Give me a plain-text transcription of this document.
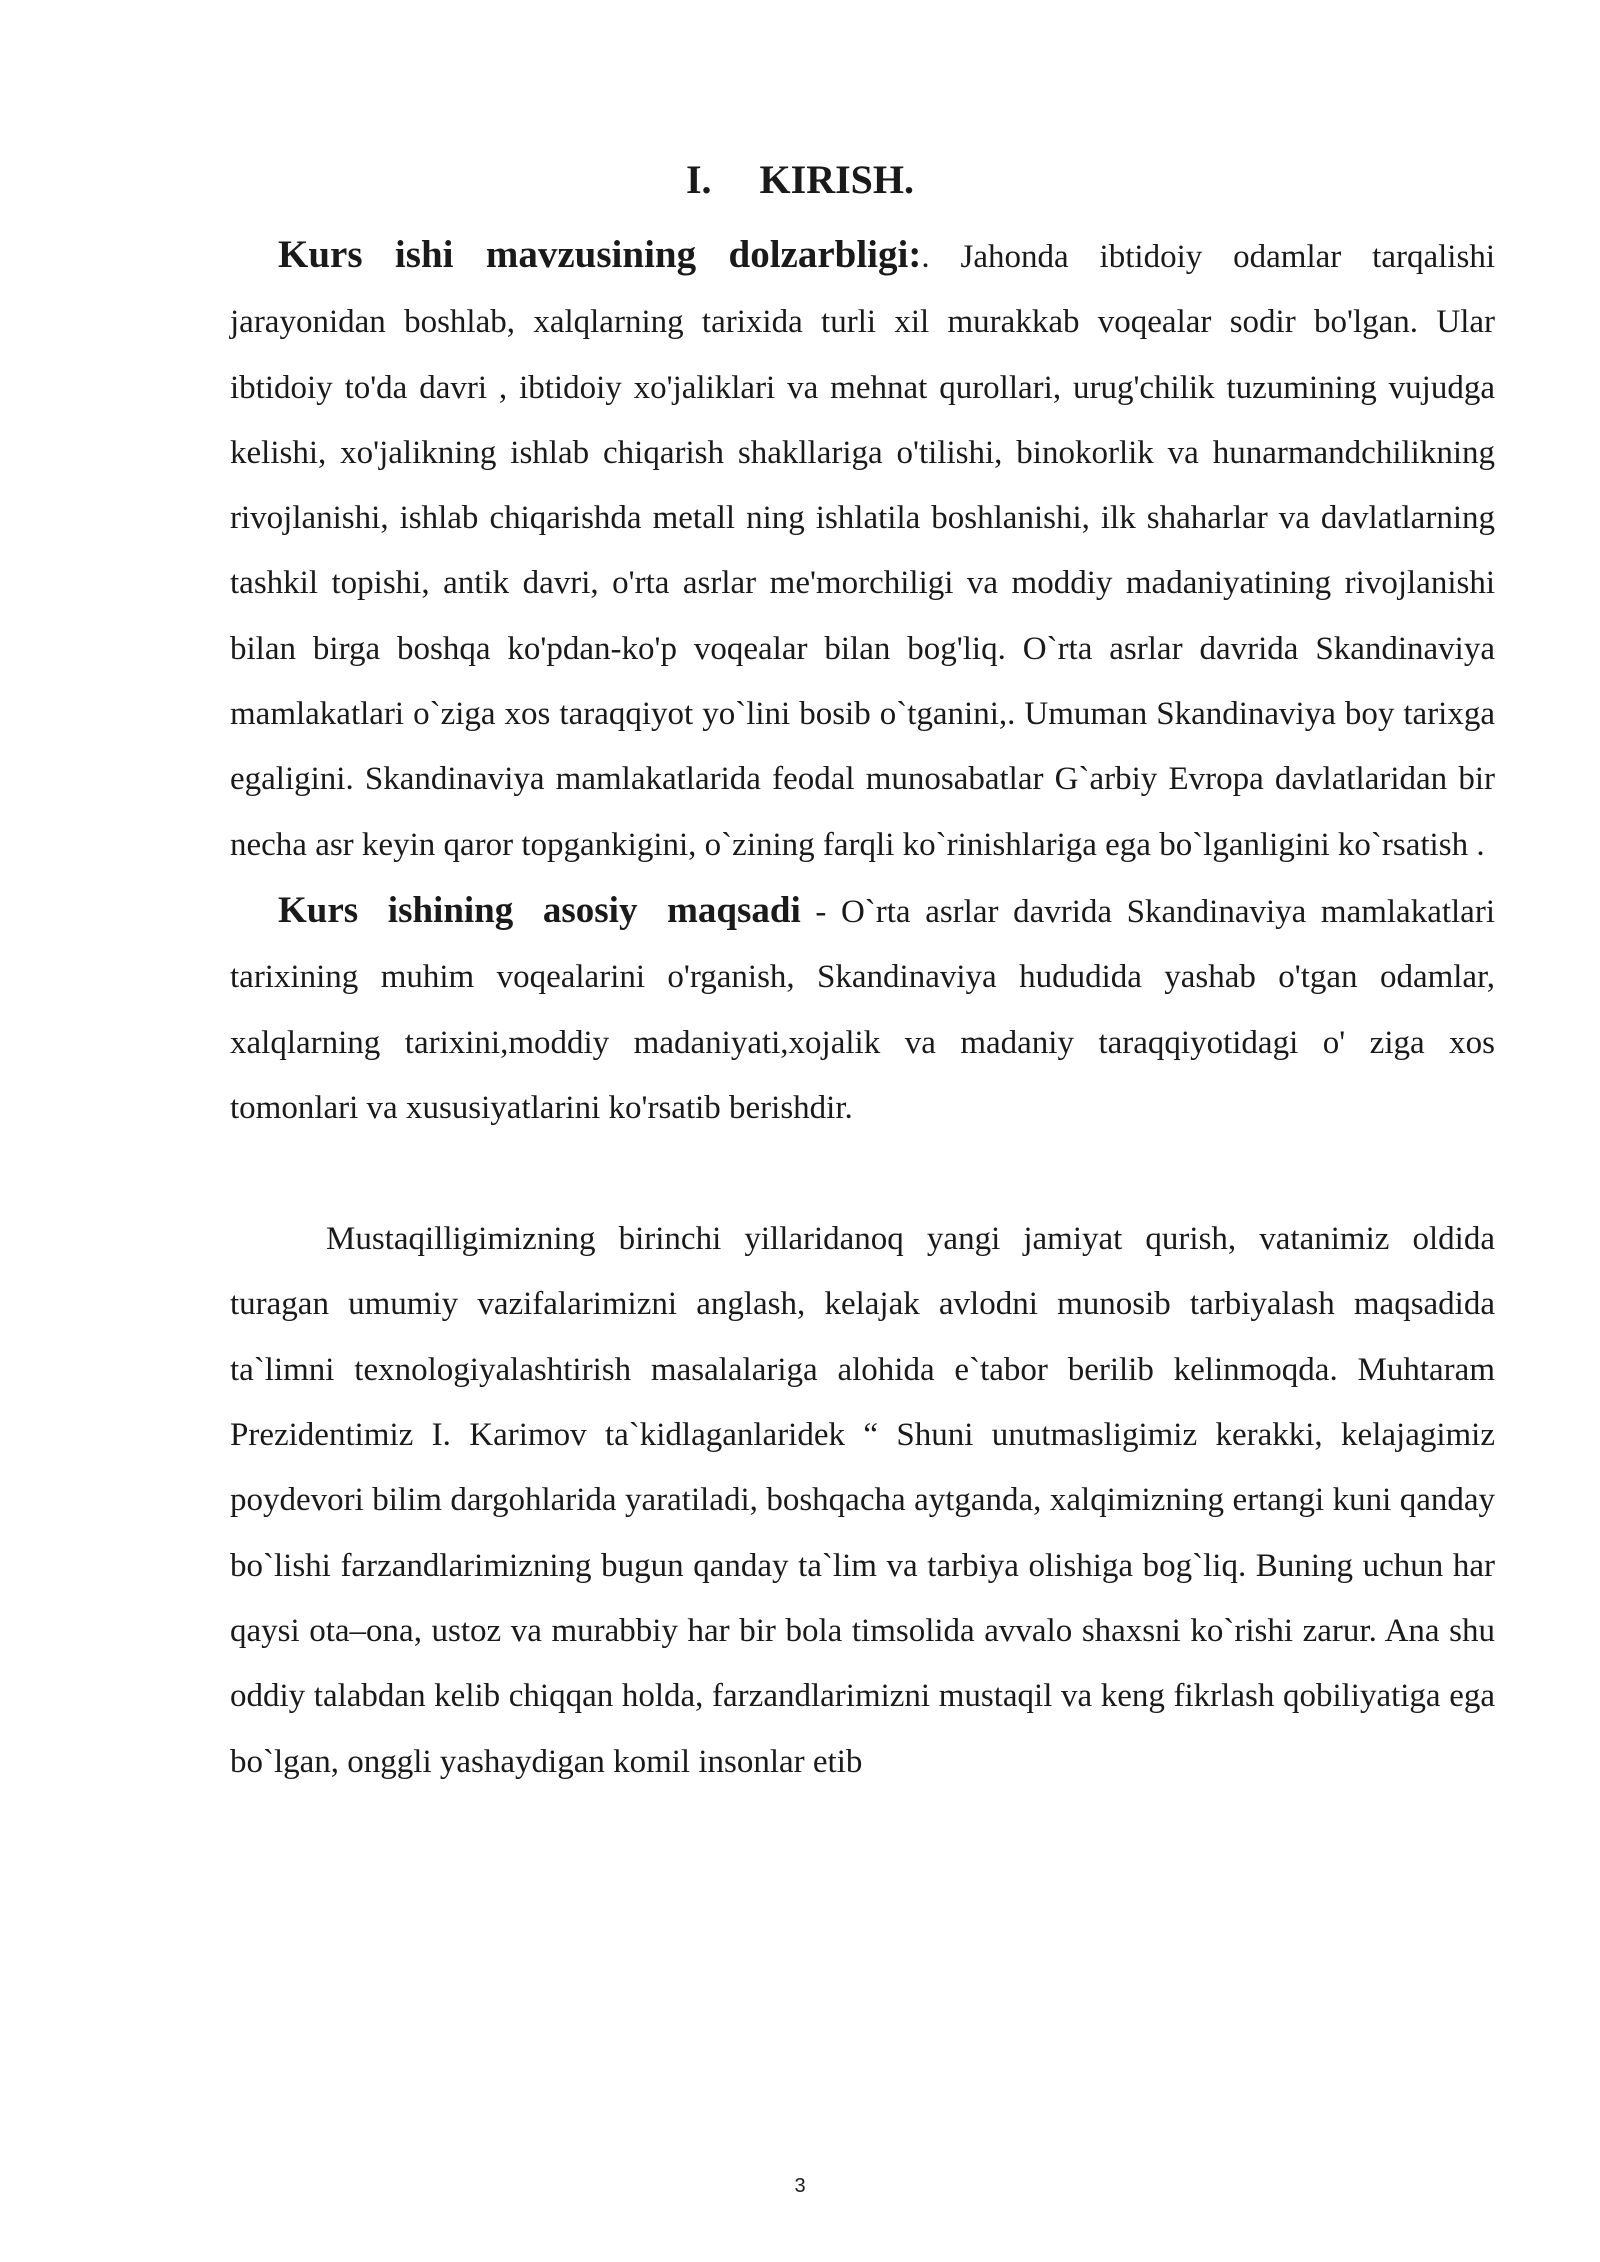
I. KIRISH.

Kurs ishi mavzusining dolzarbligi:. Jahonda ibtidoiy odamlar tarqalishi jarayonidan boshlab, xalqlarning tarixida turli xil murakkab voqealar sodir bo'lgan. Ular ibtidoiy to'da davri , ibtidoiy xo'jaliklari va mehnat qurollari, urug'chilik tuzumining vujudga kelishi, xo'jalikning ishlab chiqarish shakllariga o'tilishi, binokorlik va hunarmandchilikning rivojlanishi, ishlab chiqarishda metall ning ishlatila boshlanishi, ilk shaharlar va davlatlarning tashkil topishi, antik davri, o'rta asrlar me'morchiligi va moddiy madaniyatining rivojlanishi bilan birga boshqa ko'pdan-ko'p voqealar bilan bog'liq. O`rta asrlar davrida Skandinaviya mamlakatlari o`ziga xos taraqqiyot yo`lini bosib o`tganini,. Umuman Skandinaviya boy tarixga egaligini. Skandinaviya mamlakatlarida feodal munosabatlar G`arbiy Evropa davlatlaridan bir necha asr keyin qaror topgankigini, o`zining farqli ko`rinishlariga ega bo`lganligini ko`rsatish .

Kurs ishining asosiy maqsadi - O`rta asrlar davrida Skandinaviya mamlakatlari tarixining muhim voqealarini o'rganish, Skandinaviya hududida yashab o'tgan odamlar, xalqlarning tarixini,moddiy madaniyati,xojalik va madaniy taraqqiyotidagi o' ziga xos tomonlari va xususiyatlarini ko'rsatib berishdir.

Mustaqilligimizning birinchi yillaridanoq yangi jamiyat qurish, vatanimiz oldida turagan umumiy vazifalarimizni anglash, kelajak avlodni munosib tarbiyalash maqsadida ta`limni texnologiyalashtirish masalalariga alohida e`tabor berilib kelinmoqda. Muhtaram Prezidentimiz I. Karimov ta`kidlaganlaridek “ Shuni unutmasligimiz kerakki, kelajagimiz poydevori bilim dargohlarida yaratiladi, boshqacha aytganda, xalqimizning ertangi kuni qanday bo`lishi farzandlarimizning bugun qanday ta`lim va tarbiya olishiga bog`liq. Buning uchun har qaysi ota–ona, ustoz va murabbiy har bir bola timsolida avvalo shaxsni ko`rishi zarur. Ana shu oddiy talabdan kelib chiqqan holda, farzandlarimizni mustaqil va keng fikrlash qobiliyatiga ega bo`lgan, onggli yashaydigan komil insonlar etib

3
